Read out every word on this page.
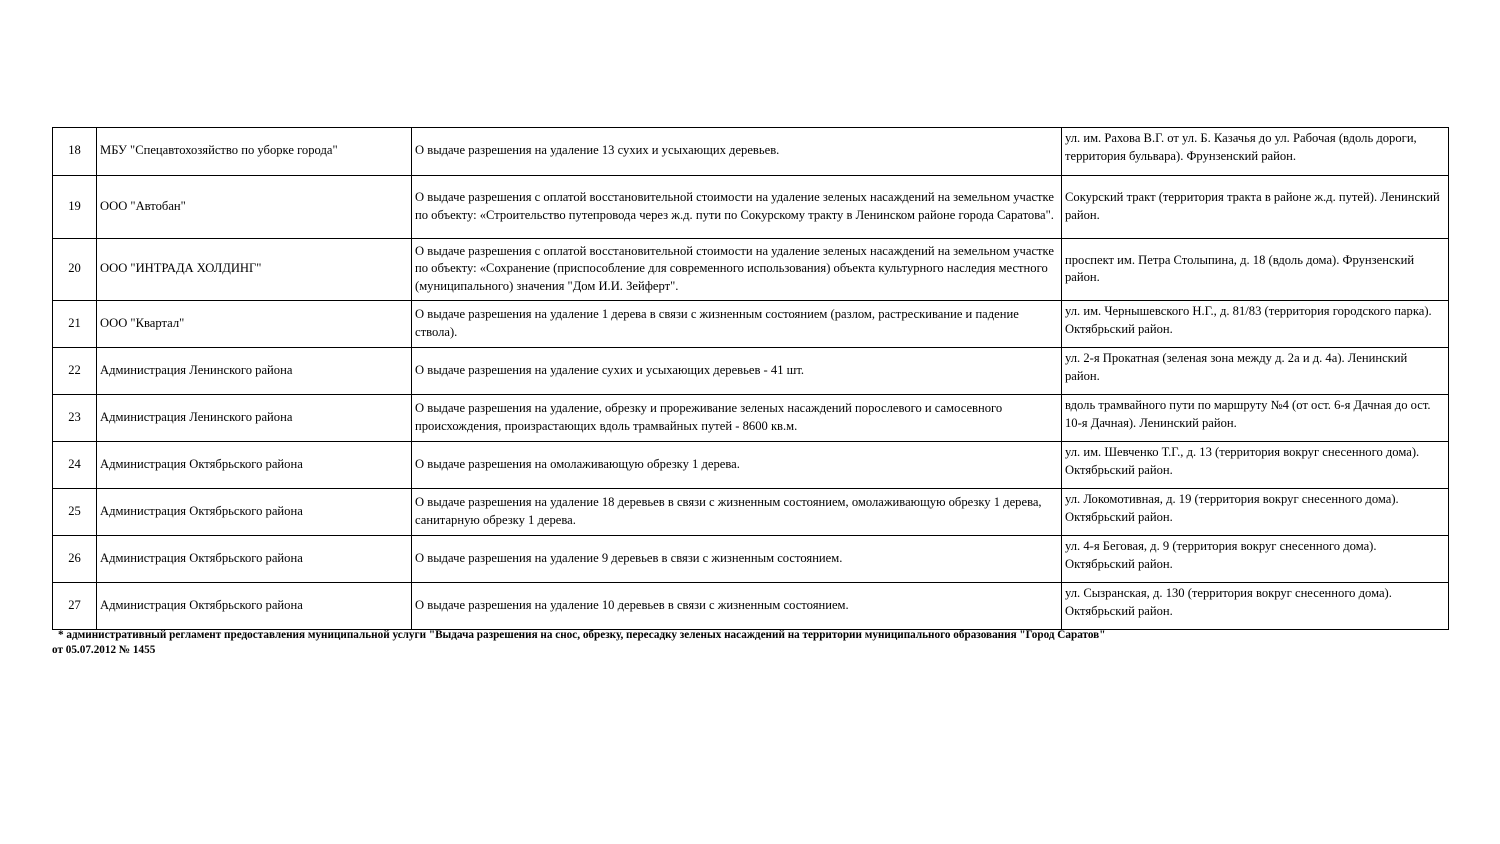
18	МБУ "Спецавтохозяйство по уборке города"	О выдаче разрешения на удаление 13 сухих и усыхающих деревьев.	ул. им. Рахова В.Г. от ул. Б. Казачья до ул. Рабочая (вдоль дороги, территория бульвара). Фрунзенский район.
19	ООО "Автобан"	О выдаче разрешения с оплатой восстановительной стоимости на удаление зеленых насаждений на земельном участке по объекту: «Строительство путепровода через ж.д. пути по Сокурскому тракту в Ленинском районе города Саратова".	Сокурский тракт (территория тракта в районе ж.д. путей). Ленинский район.
20	ООО "ИНТРАДА ХОЛДИНГ"	О выдаче разрешения с оплатой восстановительной стоимости на удаление зеленых насаждений на земельном участке по объекту: «Сохранение (приспособление для современного использования) объекта культурного наследия местного (муниципального) значения "Дом И.И. Зейферт".	проспект им. Петра Столыпина, д. 18 (вдоль дома). Фрунзенский район.
21	ООО "Квартал"	О выдаче разрешения на удаление 1 дерева в связи с жизненным состоянием (разлом, растрескивание и падение ствола).	ул. им. Чернышевского Н.Г., д. 81/83 (территория городского парка). Октябрьский район.
22	Администрация Ленинского района	О выдаче разрешения на удаление сухих и усыхающих деревьев - 41 шт.	ул. 2-я Прокатная (зеленая зона между д. 2а и д. 4а). Ленинский район.
23	Администрация Ленинского района	О выдаче разрешения на удаление, обрезку и прореживание зеленых насаждений порослевого и самосевного происхождения, произрастающих вдоль трамвайных путей - 8600 кв.м.	вдоль трамвайного пути по маршруту №4 (от ост. 6-я Дачная до ост. 10-я Дачная). Ленинский район.
24	Администрация Октябрьского района	О выдаче разрешения на омолаживающую обрезку 1 дерева.	ул. им. Шевченко Т.Г., д. 13 (территория вокруг снесенного дома). Октябрьский район.
25	Администрация Октябрьского района	О выдаче разрешения на удаление 18 деревьев в связи с жизненным состоянием, омолаживающую обрезку 1 дерева, санитарную обрезку 1 дерева.	ул. Локомотивная, д. 19 (территория вокруг снесенного дома). Октябрьский район.
26	Администрация Октябрьского района	О выдаче разрешения на удаление 9 деревьев в связи с жизненным состоянием.	ул. 4-я Беговая, д. 9 (территория вокруг снесенного дома). Октябрьский район.
27	Администрация Октябрьского района	О выдаче разрешения на удаление 10 деревьев в связи с жизненным состоянием.	ул. Сызранская, д. 130 (территория вокруг снесенного дома). Октябрьский район.
* административный регламент предоставления муниципальной услуги "Выдача разрешения на снос, обрезку, пересадку зеленых насаждений на территории муниципального образования "Город Саратов"
от 05.07.2012 № 1455
